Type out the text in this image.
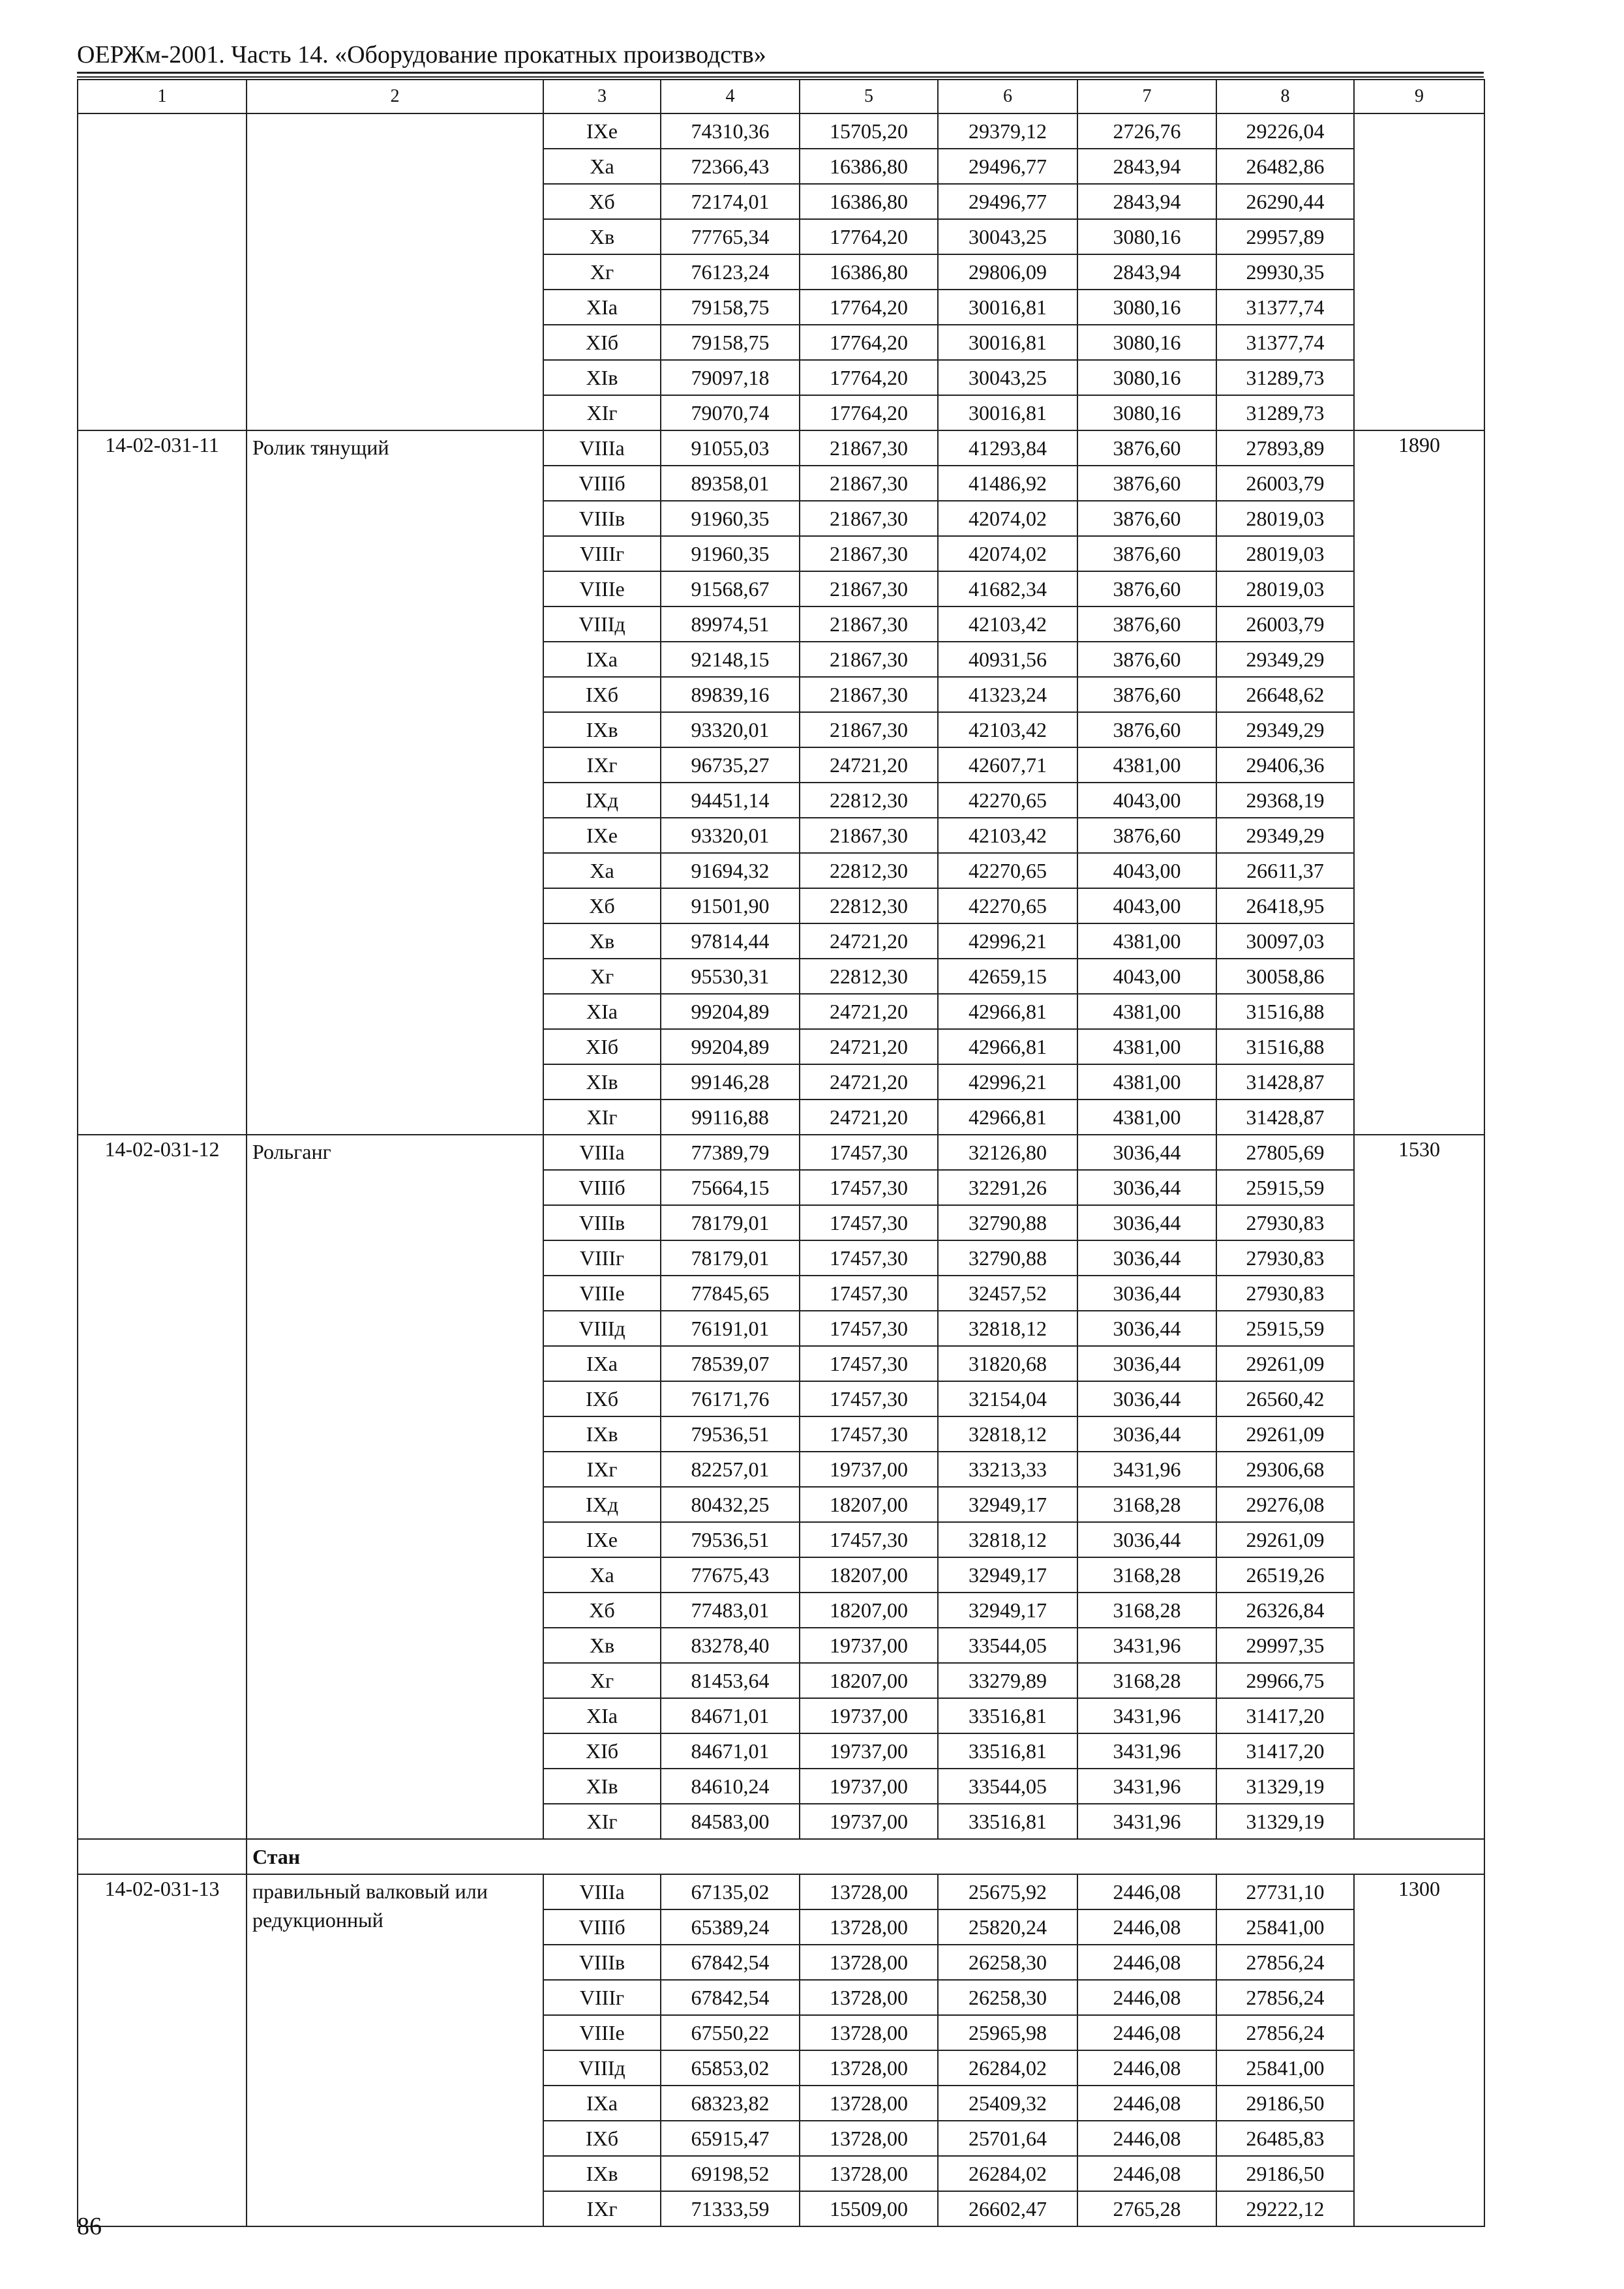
ОЕРЖм-2001. Часть 14. «Оборудование прокатных производств»
1	2	3	4	5	6	7	8	9
		IXе	74310,36	15705,20	29379,12	2726,76	29226,04	
		Xа	72366,43	16386,80	29496,77	2843,94	26482,86	
		Xб	72174,01	16386,80	29496,77	2843,94	26290,44	
		Xв	77765,34	17764,20	30043,25	3080,16	29957,89	
		Xг	76123,24	16386,80	29806,09	2843,94	29930,35	
		XIа	79158,75	17764,20	30016,81	3080,16	31377,74	
		XIб	79158,75	17764,20	30016,81	3080,16	31377,74	
		XIв	79097,18	17764,20	30043,25	3080,16	31289,73	
		XIг	79070,74	17764,20	30016,81	3080,16	31289,73	
14-02-031-11	Ролик тянущий	VIIIа	91055,03	21867,30	41293,84	3876,60	27893,89	1890
		VIIIб	89358,01	21867,30	41486,92	3876,60	26003,79	
		VIIIв	91960,35	21867,30	42074,02	3876,60	28019,03	
		VIIIг	91960,35	21867,30	42074,02	3876,60	28019,03	
		VIIIе	91568,67	21867,30	41682,34	3876,60	28019,03	
		VIIIд	89974,51	21867,30	42103,42	3876,60	26003,79	
		IXа	92148,15	21867,30	40931,56	3876,60	29349,29	
		IXб	89839,16	21867,30	41323,24	3876,60	26648,62	
		IXв	93320,01	21867,30	42103,42	3876,60	29349,29	
		IXг	96735,27	24721,20	42607,71	4381,00	29406,36	
		IXд	94451,14	22812,30	42270,65	4043,00	29368,19	
		IXе	93320,01	21867,30	42103,42	3876,60	29349,29	
		Xа	91694,32	22812,30	42270,65	4043,00	26611,37	
		Xб	91501,90	22812,30	42270,65	4043,00	26418,95	
		Xв	97814,44	24721,20	42996,21	4381,00	30097,03	
		Xг	95530,31	22812,30	42659,15	4043,00	30058,86	
		XIа	99204,89	24721,20	42966,81	4381,00	31516,88	
		XIб	99204,89	24721,20	42966,81	4381,00	31516,88	
		XIв	99146,28	24721,20	42996,21	4381,00	31428,87	
		XIг	99116,88	24721,20	42966,81	4381,00	31428,87	
14-02-031-12	Рольганг	VIIIа	77389,79	17457,30	32126,80	3036,44	27805,69	1530
		VIIIб	75664,15	17457,30	32291,26	3036,44	25915,59	
		VIIIв	78179,01	17457,30	32790,88	3036,44	27930,83	
		VIIIг	78179,01	17457,30	32790,88	3036,44	27930,83	
		VIIIе	77845,65	17457,30	32457,52	3036,44	27930,83	
		VIIIд	76191,01	17457,30	32818,12	3036,44	25915,59	
		IXа	78539,07	17457,30	31820,68	3036,44	29261,09	
		IXб	76171,76	17457,30	32154,04	3036,44	26560,42	
		IXв	79536,51	17457,30	32818,12	3036,44	29261,09	
		IXг	82257,01	19737,00	33213,33	3431,96	29306,68	
		IXд	80432,25	18207,00	32949,17	3168,28	29276,08	
		IXе	79536,51	17457,30	32818,12	3036,44	29261,09	
		Xа	77675,43	18207,00	32949,17	3168,28	26519,26	
		Xб	77483,01	18207,00	32949,17	3168,28	26326,84	
		Xв	83278,40	19737,00	33544,05	3431,96	29997,35	
		Xг	81453,64	18207,00	33279,89	3168,28	29966,75	
		XIа	84671,01	19737,00	33516,81	3431,96	31417,20	
		XIб	84671,01	19737,00	33516,81	3431,96	31417,20	
		XIв	84610,24	19737,00	33544,05	3431,96	31329,19	
		XIг	84583,00	19737,00	33516,81	3431,96	31329,19	
	Стан							
14-02-031-13	правильный валковый или редукционный	VIIIа	67135,02	13728,00	25675,92	2446,08	27731,10	1300
		VIIIб	65389,24	13728,00	25820,24	2446,08	25841,00	
		VIIIв	67842,54	13728,00	26258,30	2446,08	27856,24	
		VIIIг	67842,54	13728,00	26258,30	2446,08	27856,24	
		VIIIе	67550,22	13728,00	25965,98	2446,08	27856,24	
		VIIIд	65853,02	13728,00	26284,02	2446,08	25841,00	
		IXа	68323,82	13728,00	25409,32	2446,08	29186,50	
		IXб	65915,47	13728,00	25701,64	2446,08	26485,83	
		IXв	69198,52	13728,00	26284,02	2446,08	29186,50	
		IXг	71333,59	15509,00	26602,47	2765,28	29222,12	
86
